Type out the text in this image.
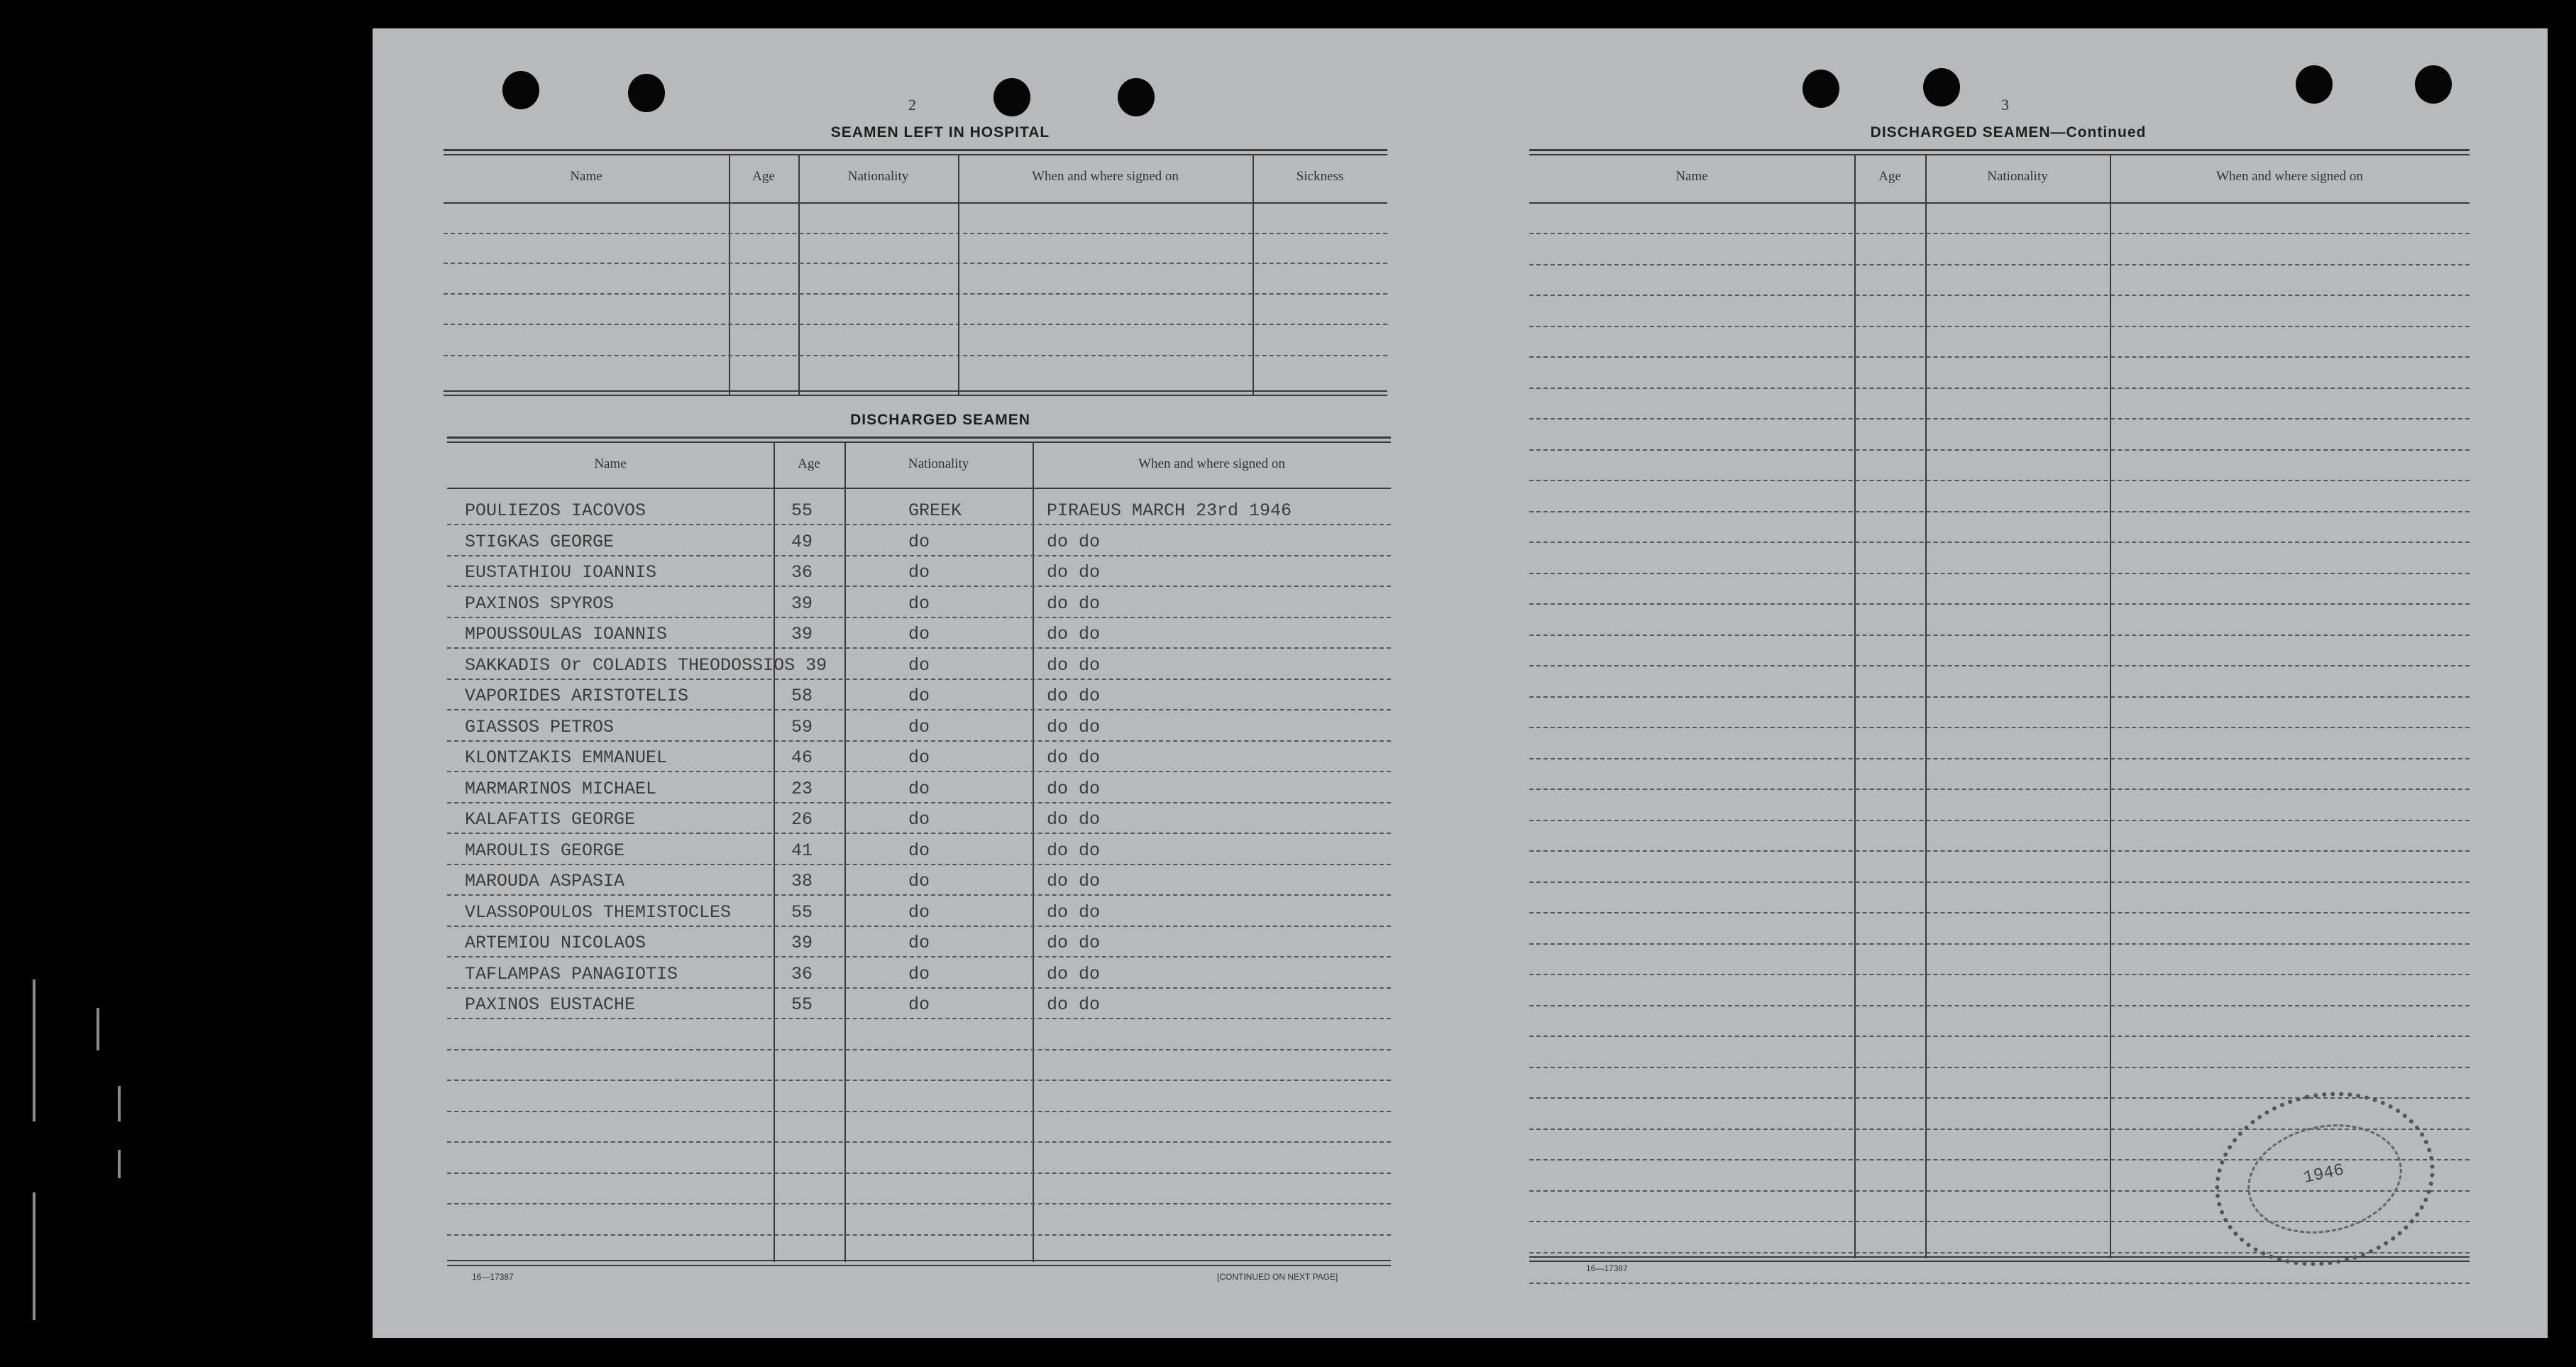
2
SEAMEN LEFT IN HOSPITAL
Name	Age	Nationality	When and where signed on	Sickness
DISCHARGED SEAMEN
Name	Age	Nationality	When and where signed on
POULIEZOS IACOVOS	55	GREEK	PIRAEUS MARCH 23rd 1946
STIGKAS GEORGE	49	do	do do
EUSTATHIOU IOANNIS	36	do	do do
PAXINOS SPYROS	39	do	do do
MPOUSSOULAS IOANNIS	39	do	do do
SAKKADIS Or COLADIS THEODOSSIOS 39	do	do do
VAPORIDES ARISTOTELIS	58	do	do do
GIASSOS PETROS	59	do	do do
KLONTZAKIS EMMANUEL	46	do	do do
MARMARINOS MICHAEL	23	do	do do
KALAFATIS GEORGE	26	do	do do
MAROULIS GEORGE	41	do	do do
MAROUDA ASPASIA	38	do	do do
VLASSOPOULOS THEMISTOCLES	55	do	do do
ARTEMIOU NICOLAOS	39	do	do do
TAFLAMPAS PANAGIOTIS	36	do	do do
PAXINOS EUSTACHE	55	do	do do
16—17387	[CONTINUED ON NEXT PAGE]
3
DISCHARGED SEAMEN—Continued
Name	Age	Nationality	When and where signed on
1946
16—17387
